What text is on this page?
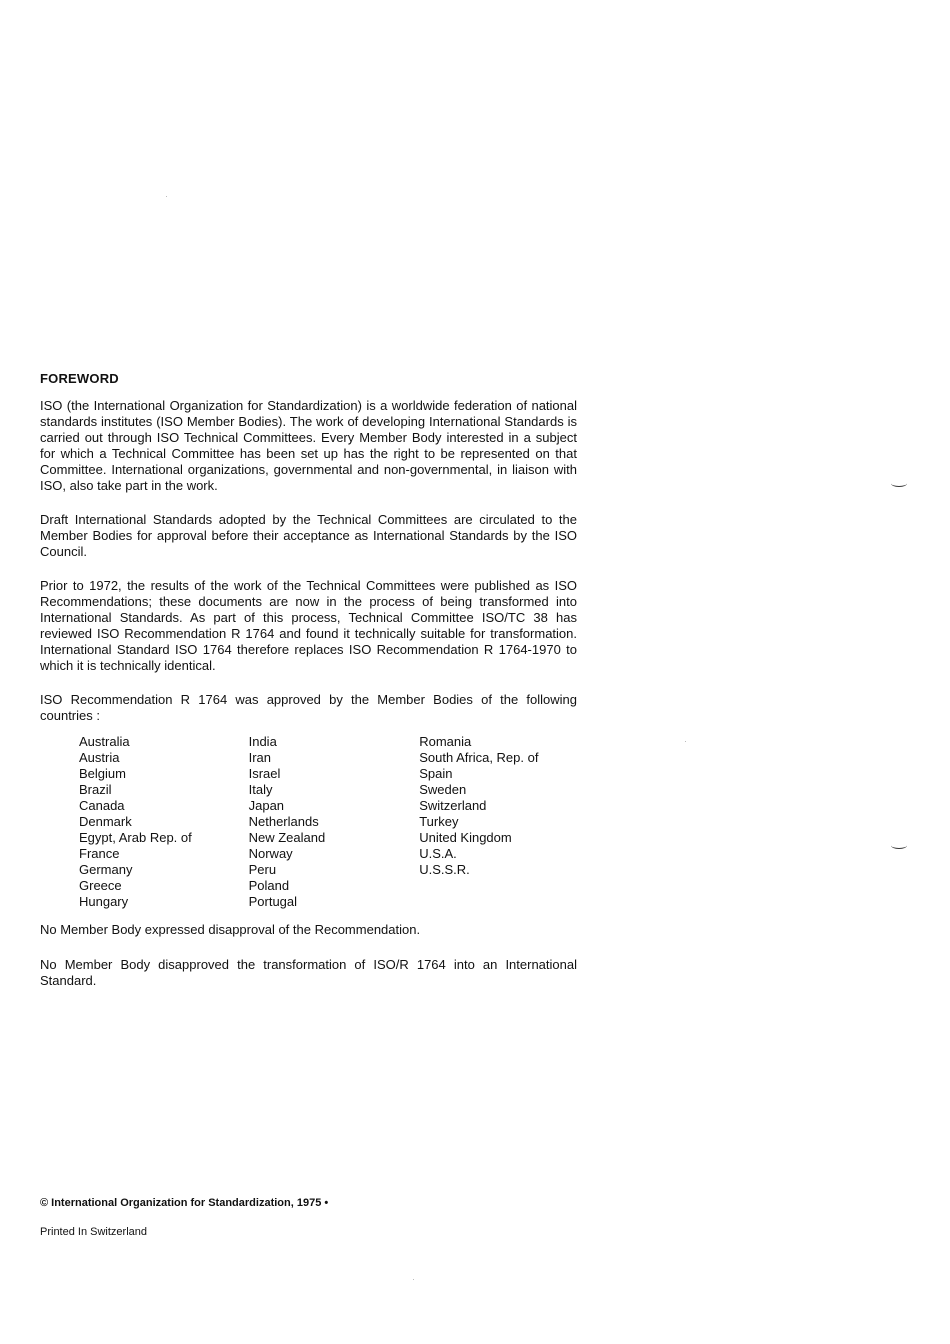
FOREWORD

ISO (the International Organization for Standardization) is a worldwide federation of national standards institutes (ISO Member Bodies). The work of developing International Standards is carried out through ISO Technical Committees. Every Member Body interested in a subject for which a Technical Committee has been set up has the right to be represented on that Committee. International organizations, governmental and non-governmental, in liaison with ISO, also take part in the work.

Draft International Standards adopted by the Technical Committees are circulated to the Member Bodies for approval before their acceptance as International Standards by the ISO Council.

Prior to 1972, the results of the work of the Technical Committees were published as ISO Recommendations; these documents are now in the process of being transformed into International Standards. As part of this process, Technical Committee ISO/TC 38 has reviewed ISO Recommendation R 1764 and found it technically suitable for transformation. International Standard ISO 1764 therefore replaces ISO Recommendation R 1764-1970 to which it is technically identical.

ISO Recommendation R 1764 was approved by the Member Bodies of the following countries :

Australia
Austria
Belgium
Brazil
Canada
Denmark
Egypt, Arab Rep. of
France
Germany
Greece
Hungary
India
Iran
Israel
Italy
Japan
Netherlands
New Zealand
Norway
Peru
Poland
Portugal
Romania
South Africa, Rep. of
Spain
Sweden
Switzerland
Turkey
United Kingdom
U.S.A.
U.S.S.R.

No Member Body expressed disapproval of the Recommendation.

No Member Body disapproved the transformation of ISO/R 1764 into an International Standard.

© International Organization for Standardization, 1975 •
Printed In Switzerland
